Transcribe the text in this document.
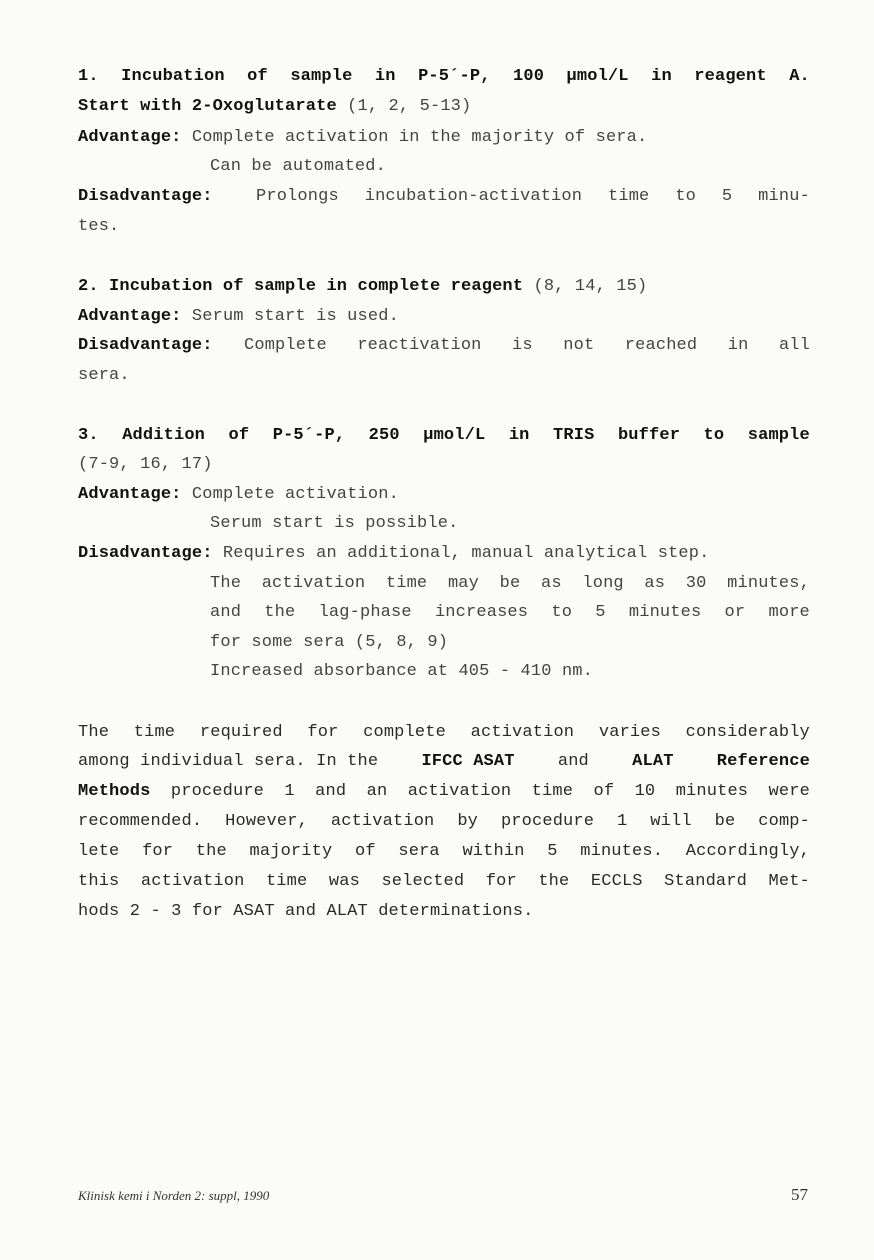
1. Incubation of sample in P-5´-P, 100 µmol/L in reagent A.
Start with 2-Oxoglutarate (1, 2, 5-13)
Advantage: Complete activation in the majority of sera.
Can be automated.
Disadvantage:	Prolongs incubation-activation time to 5 minu-
tes.
2. Incubation of sample in complete reagent (8, 14, 15)
Advantage: Serum start is used.
Disadvantage: Complete reactivation is not reached in all
sera.
3. Addition of P-5´-P, 250 µmol/L in TRIS buffer to sample
(7-9, 16, 17)
Advantage: Complete activation.
Serum start is possible.
Disadvantage: Requires an additional, manual analytical step.
The activation time may be as long as 30 minutes,
and the lag-phase increases to 5 minutes or more
for some sera (5, 8, 9)
Increased absorbance at 405 - 410 nm.
The time required for complete activation varies considerably
among individual sera. In the	IFCC ASAT	and	ALAT	Reference
Methods procedure 1 and an activation time of 10 minutes were
recommended. However, activation by procedure 1 will be comp-
lete for the majority of sera within 5 minutes. Accordingly,
this activation time was selected for the ECCLS Standard Met-
hods 2 - 3 for ASAT and ALAT determinations.
Klinisk kemi i Norden 2: suppl, 1990	57
